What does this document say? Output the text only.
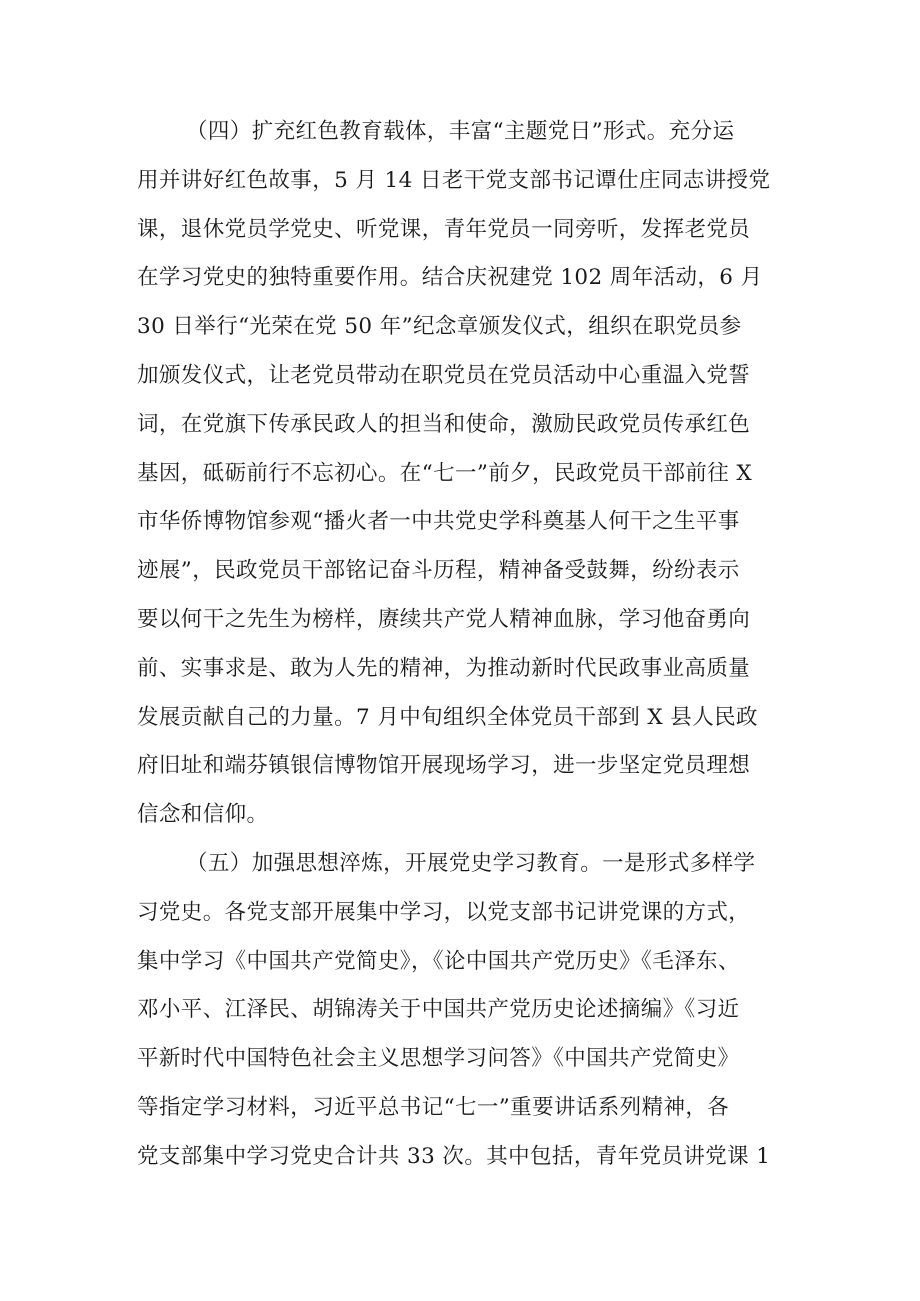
（四）扩充红色教育载体，丰富“主题党日”形式。充分运
用并讲好红色故事，5 月 14 日老干党支部书记谭仕庄同志讲授党
课，退休党员学党史、听党课，青年党员一同旁听，发挥老党员
在学习党史的独特重要作用。结合庆祝建党 102 周年活动，6 月
30 日举行“光荣在党 50 年”纪念章颁发仪式，组织在职党员参
加颁发仪式，让老党员带动在职党员在党员活动中心重温入党誓
词，在党旗下传承民政人的担当和使命，激励民政党员传承红色
基因，砥砺前行不忘初心。在“七一”前夕，民政党员干部前往 X
市华侨博物馆参观“播火者一中共党史学科奠基人何干之生平事
迹展”，民政党员干部铭记奋斗历程，精神备受鼓舞，纷纷表示
要以何干之先生为榜样，赓续共产党人精神血脉，学习他奋勇向
前、实事求是、敢为人先的精神，为推动新时代民政事业高质量
发展贡献自己的力量。7 月中旬组织全体党员干部到 X 县人民政
府旧址和端芬镇银信博物馆开展现场学习，进一步坚定党员理想
信念和信仰。
（五）加强思想淬炼，开展党史学习教育。一是形式多样学
习党史。各党支部开展集中学习，以党支部书记讲党课的方式，
集中学习《中国共产党简史》，《论中国共产党历史》《毛泽东、
邓小平、江泽民、胡锦涛关于中国共产党历史论述摘编》《习近
平新时代中国特色社会主义思想学习问答》《中国共产党简史》
等指定学习材料，习近平总书记“七一”重要讲话系列精神，各
党支部集中学习党史合计共 33 次。其中包括，青年党员讲党课 1
